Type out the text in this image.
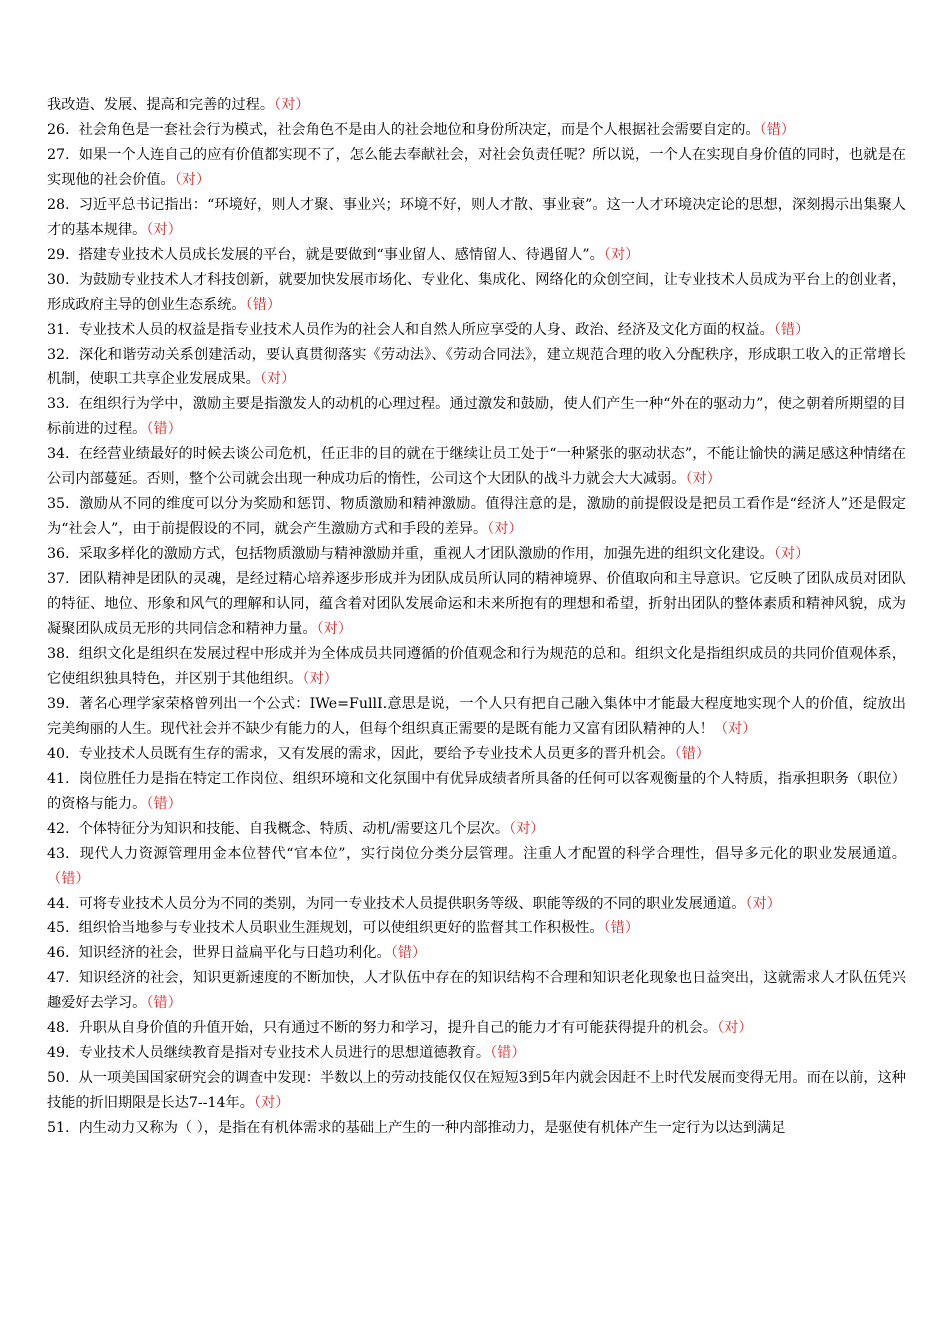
我改造、发展、提高和完善的过程。（对）

26. 社会角色是一套社会行为模式，社会角色不是由人的社会地位和身份所决定，而是个人根据社会需要自定的。（错）

27. 如果一个人连自己的应有价值都实现不了，怎么能去奉献社会，对社会负责任呢？所以说，一个人在实现自身价值的同时，也就是在实现他的社会价值。（对）

28. 习近平总书记指出：“环境好，则人才聚、事业兴；环境不好，则人才散、事业衰”。这一人才环境决定论的思想，深刻揭示出集聚人才的基本规律。（对）

29. 搭建专业技术人员成长发展的平台，就是要做到“事业留人、感情留人、待遇留人”。（对）

30. 为鼓励专业技术人才科技创新，就要加快发展市场化、专业化、集成化、网络化的众创空间，让专业技术人员成为平台上的创业者，形成政府主导的创业生态系统。（错）

31. 专业技术人员的权益是指专业技术人员作为的社会人和自然人所应享受的人身、政治、经济及文化方面的权益。（错）

32. 深化和谐劳动关系创建活动，要认真贯彻落实《劳动法》、《劳动合同法》，建立规范合理的收入分配秩序，形成职工收入的正常增长机制，使职工共享企业发展成果。（对）

33. 在组织行为学中，激励主要是指激发人的动机的心理过程。通过激发和鼓励，使人们产生一种“外在的驱动力”，使之朝着所期望的目标前进的过程。（错）

34. 在经营业绩最好的时候去谈公司危机，任正非的目的就在于继续让员工处于“一种紧张的驱动状态”，不能让愉快的满足感这种情绪在公司内部蔓延。否则，整个公司就会出现一种成功后的惰性，公司这个大团队的战斗力就会大大减弱。（对）

35. 激励从不同的维度可以分为奖励和惩罚、物质激励和精神激励。值得注意的是，激励的前提假设是把员工看作是“经济人”还是假定为“社会人”，由于前提假设的不同，就会产生激励方式和手段的差异。（对）

36. 采取多样化的激励方式，包括物质激励与精神激励并重，重视人才团队激励的作用，加强先进的组织文化建设。（对）

37. 团队精神是团队的灵魂，是经过精心培养逐步形成并为团队成员所认同的精神境界、价值取向和主导意识。它反映了团队成员对团队的特征、地位、形象和风气的理解和认同，蕴含着对团队发展命运和未来所抱有的理想和希望，折射出团队的整体素质和精神风貌，成为凝聚团队成员无形的共同信念和精神力量。（对）

38. 组织文化是组织在发展过程中形成并为全体成员共同遵循的价值观念和行为规范的总和。组织文化是指组织成员的共同价值观体系，它使组织独具特色，并区别于其他组织。（对）

39. 著名心理学家荣格曾列出一个公式：IWe=FullI.意思是说，一个人只有把自己融入集体中才能最大程度地实现个人的价值，绽放出完美绚丽的人生。现代社会并不缺少有能力的人，但每个组织真正需要的是既有能力又富有团队精神的人！（对）

40. 专业技术人员既有生存的需求，又有发展的需求，因此，要给予专业技术人员更多的晋升机会。（错）

41. 岗位胜任力是指在特定工作岗位、组织环境和文化氛围中有优异成绩者所具备的任何可以客观衡量的个人特质，指承担职务（职位）的资格与能力。（错）

42. 个体特征分为知识和技能、自我概念、特质、动机/需要这几个层次。（对）

43. 现代人力资源管理用金本位替代“官本位”，实行岗位分类分层管理。注重人才配置的科学合理性，倡导多元化的职业发展通道。（错）

44. 可将专业技术人员分为不同的类别，为同一专业技术人员提供职务等级、职能等级的不同的职业发展通道。（对）

45. 组织恰当地参与专业技术人员职业生涯规划，可以使组织更好的监督其工作积极性。（错）

46. 知识经济的社会，世界日益扁平化与日趋功利化。（错）

47. 知识经济的社会，知识更新速度的不断加快，人才队伍中存在的知识结构不合理和知识老化现象也日益突出，这就需求人才队伍凭兴趣爱好去学习。（错）

48. 升职从自身价值的升值开始，只有通过不断的努力和学习，提升自己的能力才有可能获得提升的机会。（对）

49. 专业技术人员继续教育是指对专业技术人员进行的思想道德教育。（错）

50. 从一项美国国家研究会的调查中发现：半数以上的劳动技能仅仅在短短3到5年内就会因赶不上时代发展而变得无用。而在以前，这种技能的折旧期限是长达7--14年。（对）

51. 内生动力又称为（ ），是指在有机体需求的基础上产生的一种内部推动力，是驱使有机体产生一定行为以达到满足
